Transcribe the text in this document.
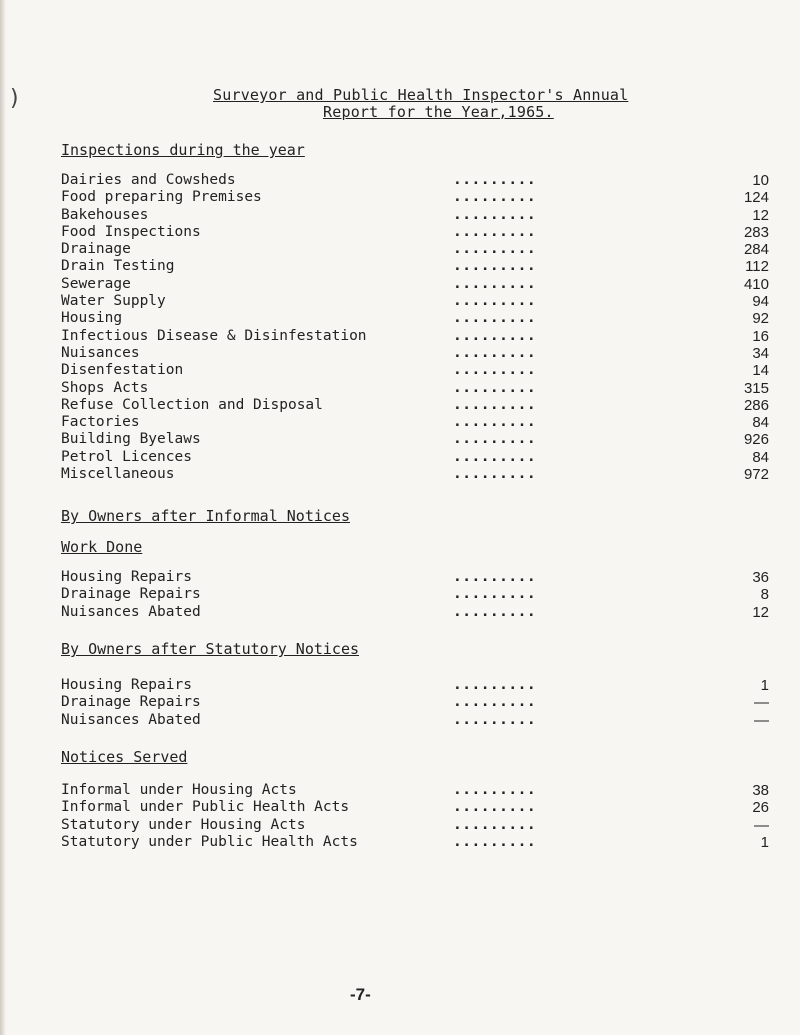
)	Surveyor and Public Health Inspector's Annual
Report for the Year,1965.
Inspections during the year
Dairies and Cowsheds	.........	10
Food preparing Premises	.........	124
Bakehouses	.........	12
Food Inspections	.........	283
Drainage	.........	284
Drain Testing	.........	112
Sewerage	.........	410
Water Supply	.........	94
Housing	.........	92
Infectious Disease & Disinfestation	.........	16
Nuisances	.........	34
Disenfestation	.........	14
Shops Acts	.........	315
Refuse Collection and Disposal	.........	286
Factories	.........	84
Building Byelaws	.........	926
Petrol Licences	.........	84
Miscellaneous	.........	972
By Owners after Informal Notices
Work Done
Housing Repairs	.........	36
Drainage Repairs	.........	8
Nuisances Abated	.........	12
By Owners after Statutory Notices
Housing Repairs	.........	1
Drainage Repairs	.........	—
Nuisances Abated	.........	—
Notices Served
Informal under Housing Acts	.........	38
Informal under Public Health Acts	.........	26
Statutory under Housing Acts	.........	—
Statutory under Public Health Acts	.........	1
-7-
